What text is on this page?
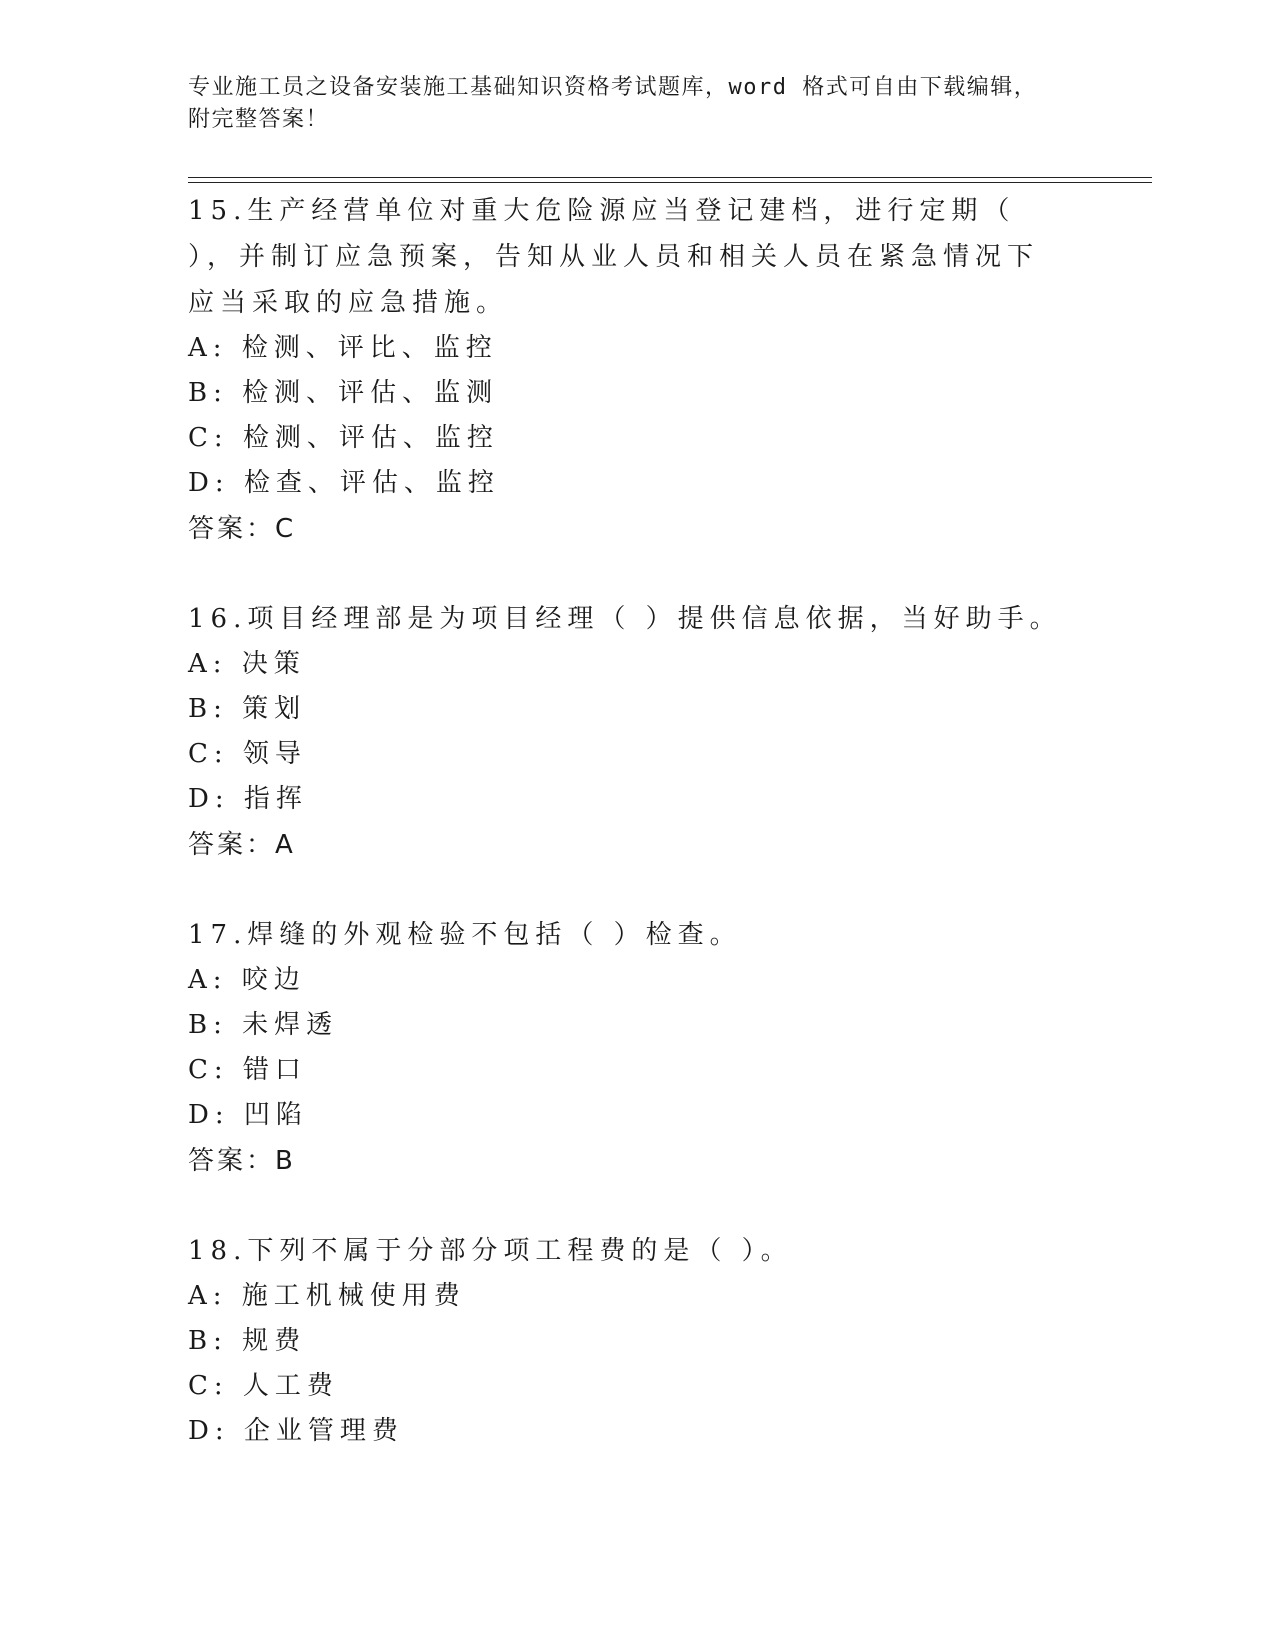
专业施工员之设备安装施工基础知识资格考试题库，word 格式可自由下载编辑，
附完整答案！
15.生产经营单位对重大危险源应当登记建档，进行定期（ ），并制订应急预案，告知从业人员和相关人员在紧急情况下应当采取的应急措施。
A: 检测、评比、监控
B: 检测、评估、监测
C: 检测、评估、监控
D: 检查、评估、监控
答案：C
16.项目经理部是为项目经理（ ）提供信息依据，当好助手。
A: 决策
B: 策划
C: 领导
D: 指挥
答案：A
17.焊缝的外观检验不包括（ ）检查。
A: 咬边
B: 未焊透
C: 错口
D: 凹陷
答案：B
18.下列不属于分部分项工程费的是（ ）。
A: 施工机械使用费
B: 规费
C: 人工费
D: 企业管理费
